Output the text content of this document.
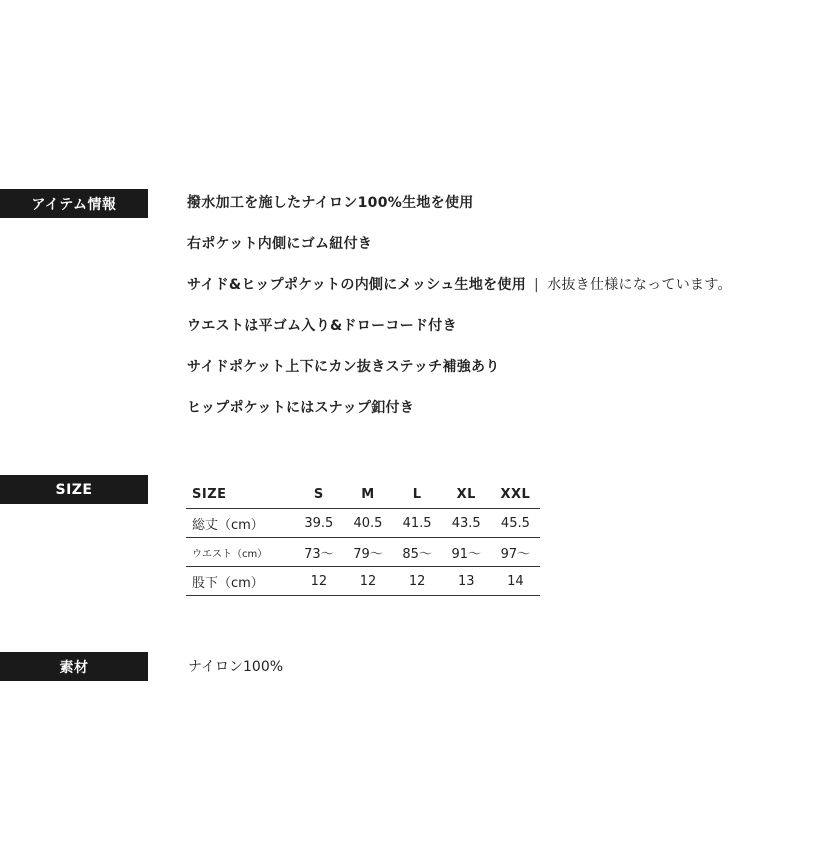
アイテム情報	撥水加工を施したナイロン100%生地を使用
右ポケット内側にゴム紐付き
サイド&ヒップポケットの内側にメッシュ生地を使用 | 水抜き仕様になっています。
ウエストは平ゴム入り&ドローコード付き
サイドポケット上下にカン抜きステッチ補強あり
ヒップポケットにはスナップ釦付き
SIZE	SIZE	S	M	L	XL	XXL
総丈（cm）	39.5	40.5	41.5	43.5	45.5
ウエスト（cm）	73〜	79〜	85〜	91〜	97〜
股下（cm）	12	12	12	13	14
素材	ナイロン100%
